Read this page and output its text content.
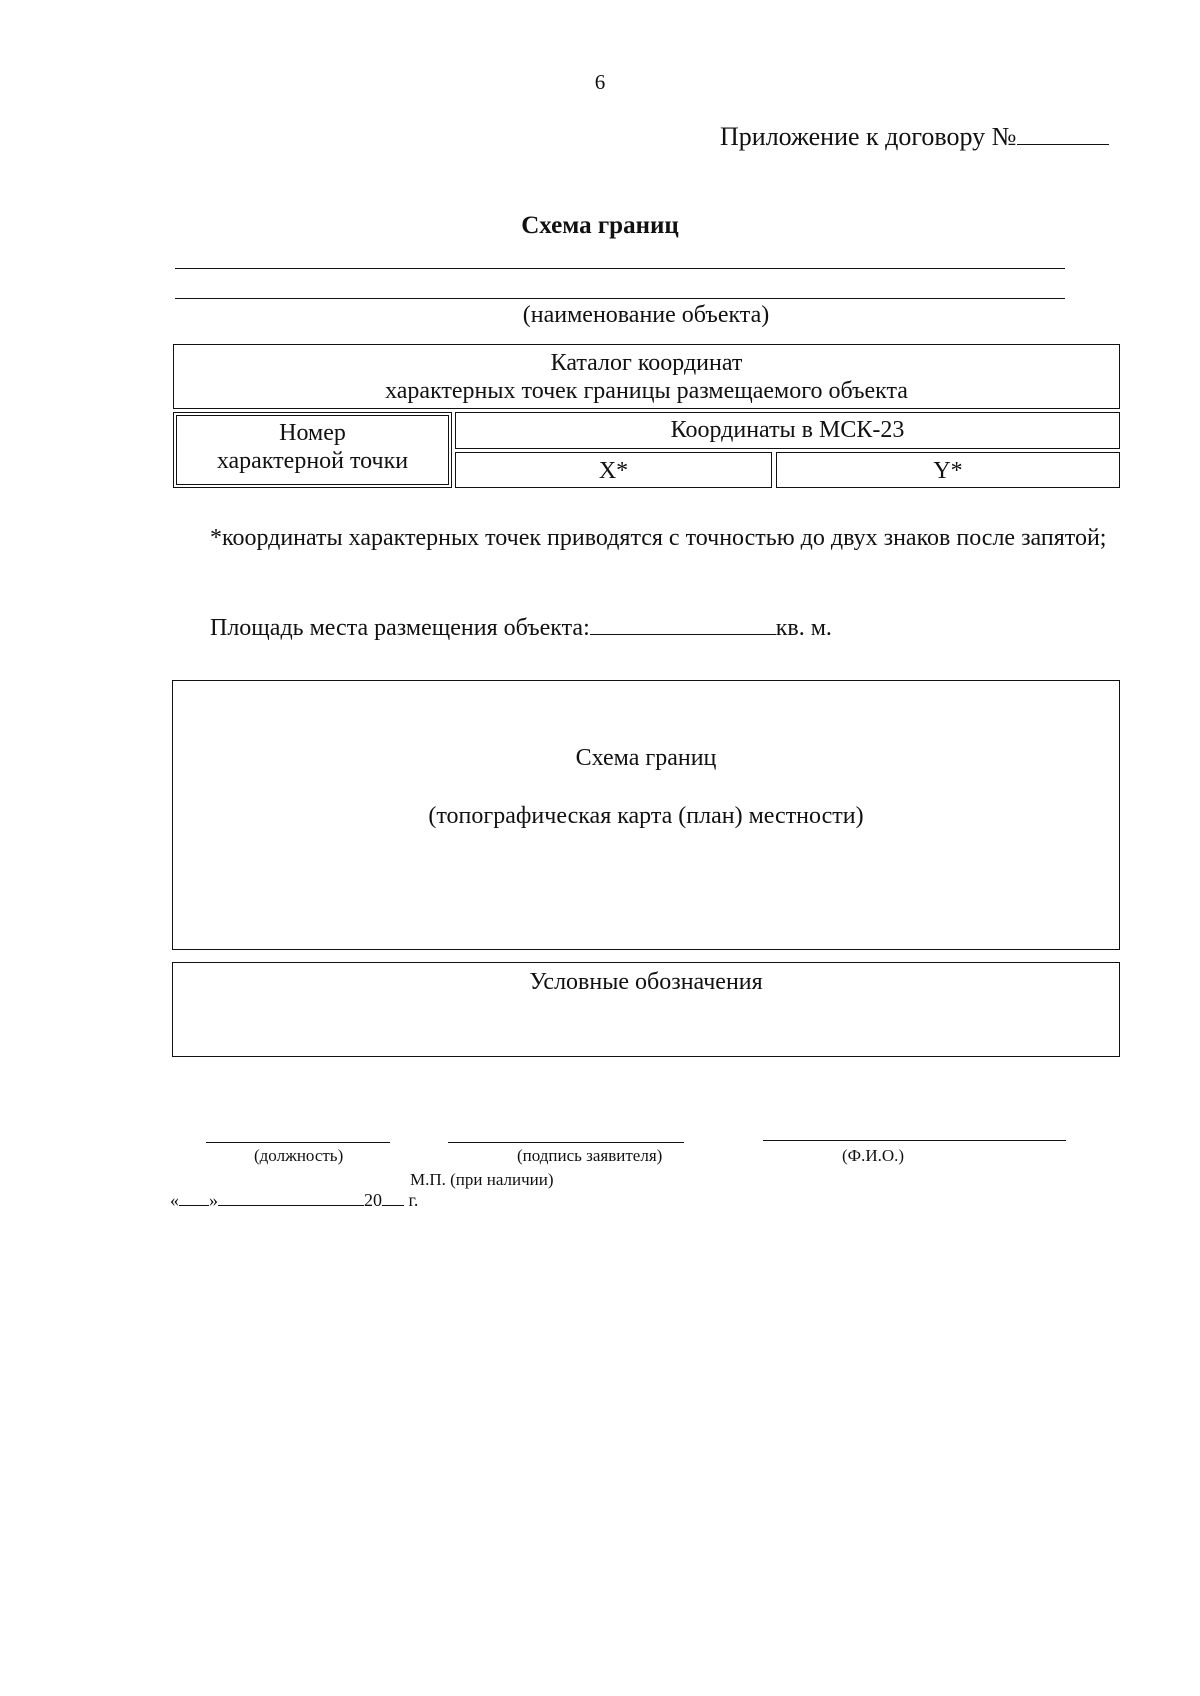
6
Приложение к договору №
Схема границ
(наименование объекта)
Каталог координат
характерных точек границы размещаемого объекта
Номер
характерной точки
Координаты в МСК-23
X*	Y*
*координаты характерных точек приводятся с точностью до двух знаков после запятой;
Площадь места размещения объекта:	кв. м.
Схема границ
(топографическая карта (план) местности)
Условные обозначения
(должность)	(подпись заявителя)	(Ф.И.О.)
М.П. (при наличии)
« »	20 г.
